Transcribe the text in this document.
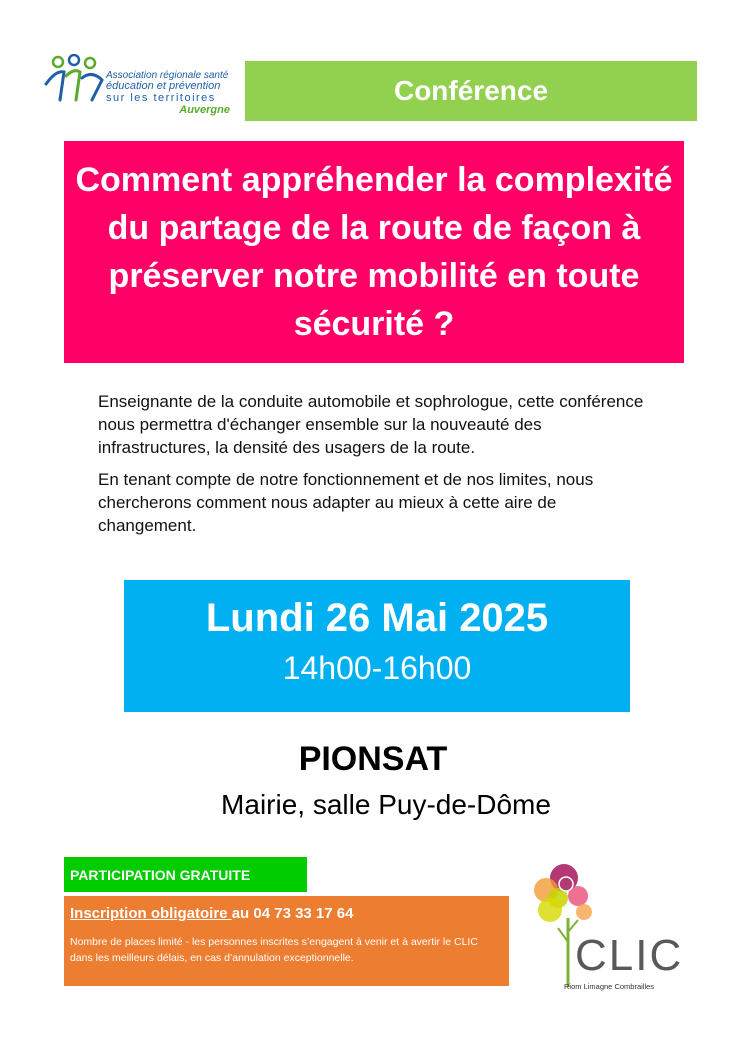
Association régionale santé
éducation et prévention
sur les territoires
Auvergne
Conférence
Comment appréhender la complexité du partage de la route de façon à préserver notre mobilité en toute sécurité ?

Enseignante de la conduite automobile et sophrologue, cette conférence nous permettra d'échanger ensemble sur la nouveauté des infrastructures, la densité des usagers de la route.

En tenant compte de notre fonctionnement et de nos limites, nous chercherons comment nous adapter au mieux à cette aire de changement.

Lundi 26 Mai 2025
14h00-16h00
PIONSAT
Mairie, salle Puy-de-Dôme
PARTICIPATION GRATUITE
Inscription obligatoire au 04 73 33 17 64
Nombre de places limité - les personnes inscrites s’engagent à venir et à avertir le CLIC dans les meilleurs délais, en cas d’annulation exceptionnelle.	CLIC
Riom Limagne Combrailles
